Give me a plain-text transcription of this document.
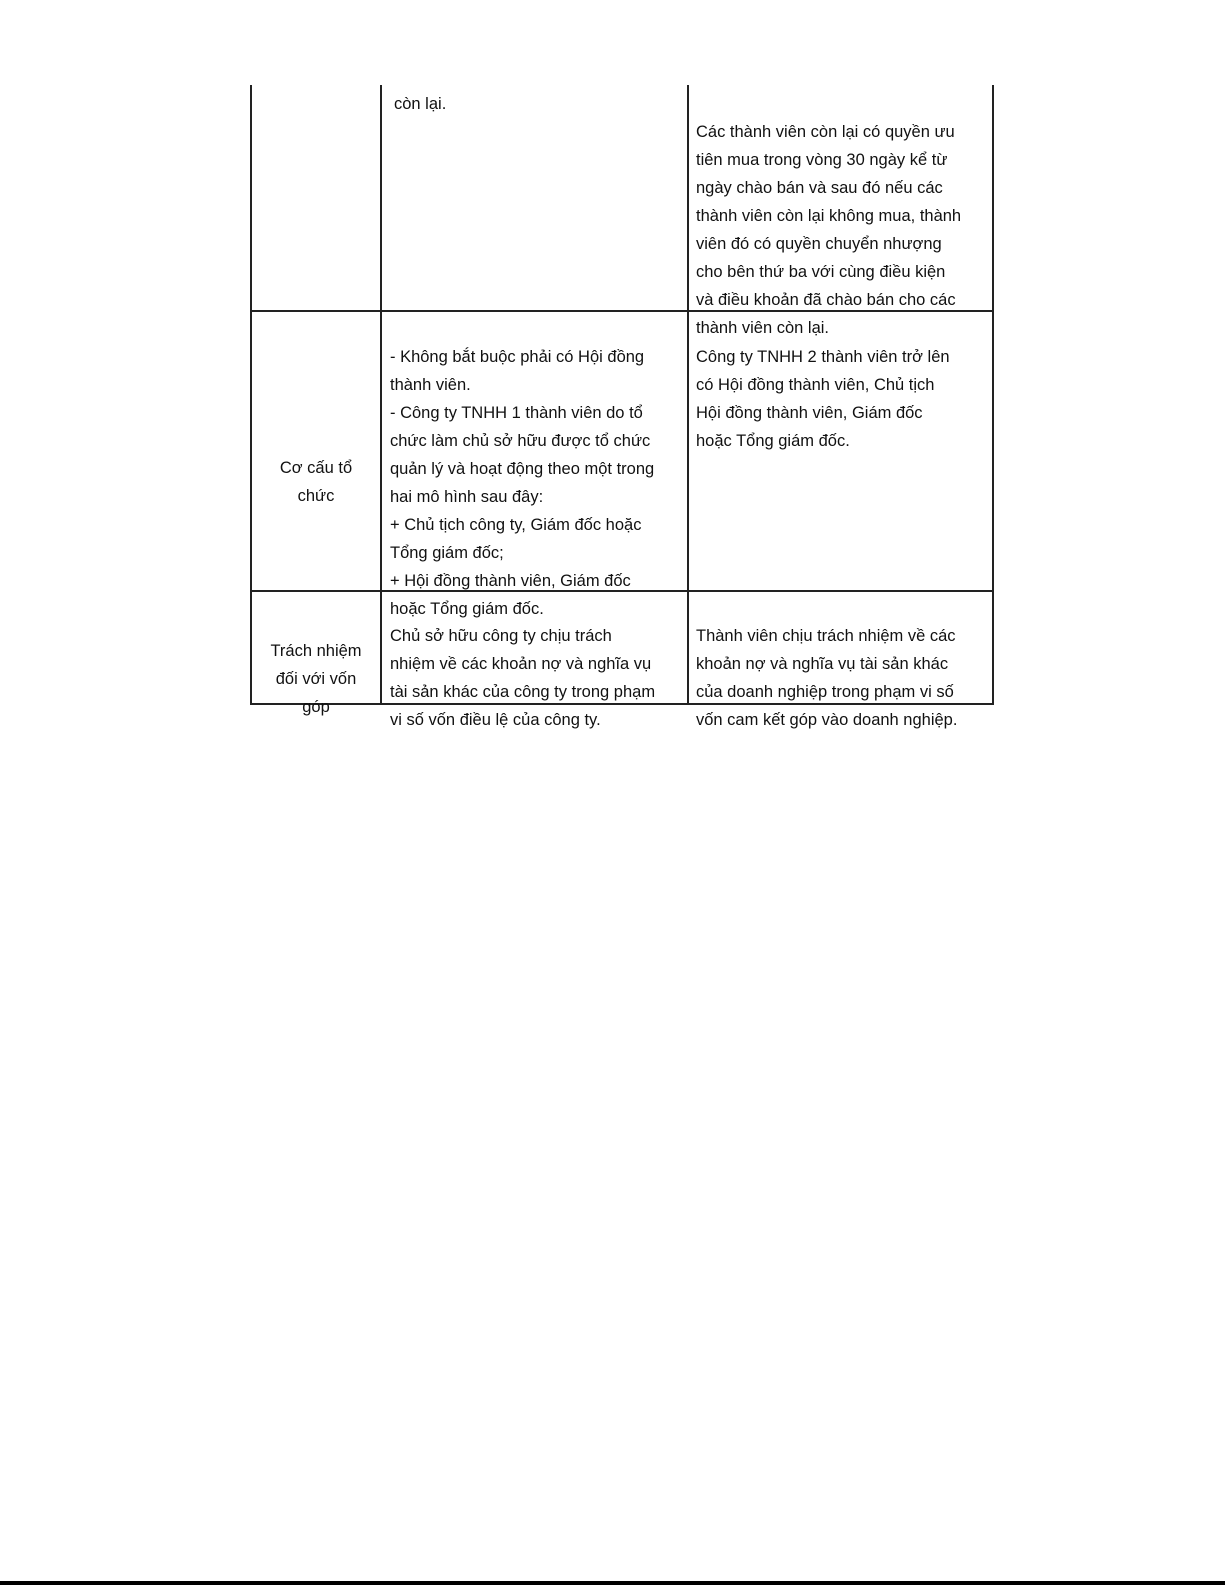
còn lại.
Các thành viên còn lại có quyền ưu
tiên mua trong vòng 30 ngày kể từ
ngày chào bán và sau đó nếu các
thành viên còn lại không mua, thành
viên đó có quyền chuyển nhượng
cho bên thứ ba với cùng điều kiện
và điều khoản đã chào bán cho các
thành viên còn lại.
Cơ cấu tổ
chức
- Không bắt buộc phải có Hội đồng
thành viên.
- Công ty TNHH 1 thành viên do tổ
chức làm chủ sở hữu được tổ chức
quản lý và hoạt động theo một trong
hai mô hình sau đây:
+ Chủ tịch công ty, Giám đốc hoặc
Tổng giám đốc;
+ Hội đồng thành viên, Giám đốc
hoặc Tổng giám đốc.
Công ty TNHH 2 thành viên trở lên
có Hội đồng thành viên, Chủ tịch
Hội đồng thành viên, Giám đốc
hoặc Tổng giám đốc.
Trách nhiệm
đối với vốn
góp
Chủ sở hữu công ty chịu trách
nhiệm về các khoản nợ và nghĩa vụ
tài sản khác của công ty trong phạm
vi số vốn điều lệ của công ty.
Thành viên chịu trách nhiệm về các
khoản nợ và nghĩa vụ tài sản khác
của doanh nghiệp trong phạm vi số
vốn cam kết góp vào doanh nghiệp.
